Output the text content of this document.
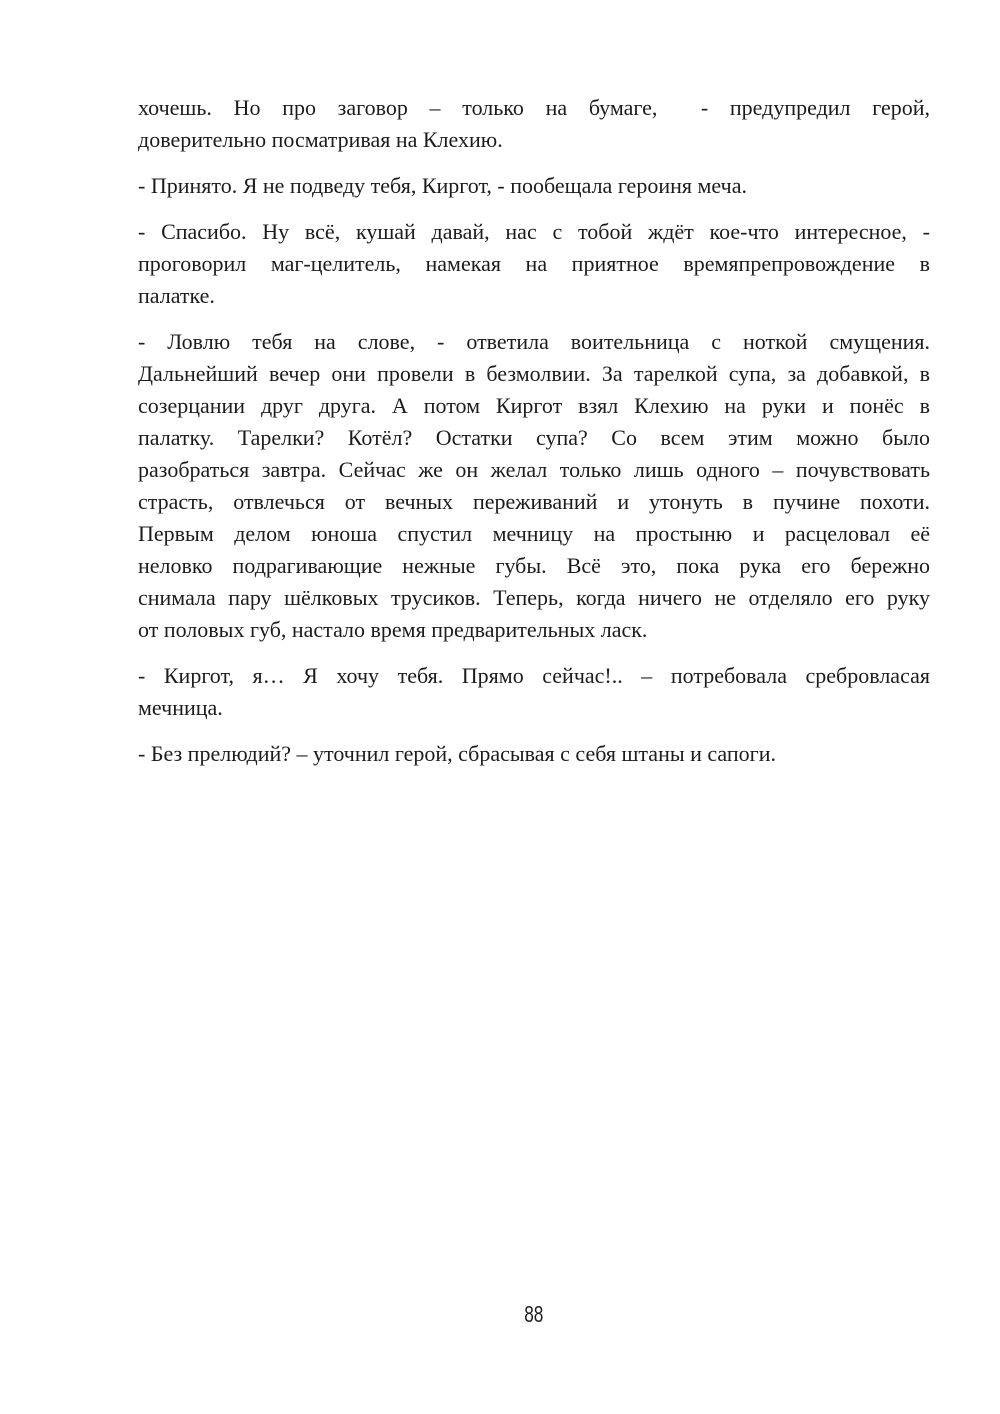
хочешь. Но про заговор – только на бумаге,  - предупредил герой,
доверительно посматривая на Клехию.
- Принято. Я не подведу тебя, Киргот, - пообещала героиня меча.
- Спасибо. Ну всё, кушай давай, нас с тобой ждёт кое-что интересное, -
проговорил маг-целитель, намекая на приятное времяпрепровождение в
палатке.
- Ловлю тебя на слове, - ответила воительница с ноткой смущения.
Дальнейший вечер они провели в безмолвии. За тарелкой супа, за добавкой, в
созерцании друг друга. А потом Киргот взял Клехию на руки и понёс в
палатку. Тарелки? Котёл? Остатки супа? Со всем этим можно было
разобраться завтра. Сейчас же он желал только лишь одного – почувствовать
страсть, отвлечься от вечных переживаний и утонуть в пучине похоти.
Первым делом юноша спустил мечницу на простыню и расцеловал её
неловко подрагивающие нежные губы. Всё это, пока рука его бережно
снимала пару шёлковых трусиков. Теперь, когда ничего не отделяло его руку
от половых губ, настало время предварительных ласк.
- Киргот, я… Я хочу тебя. Прямо сейчас!.. – потребовала сребровласая
мечница.
- Без прелюдий? – уточнил герой, сбрасывая с себя штаны и сапоги.
88
